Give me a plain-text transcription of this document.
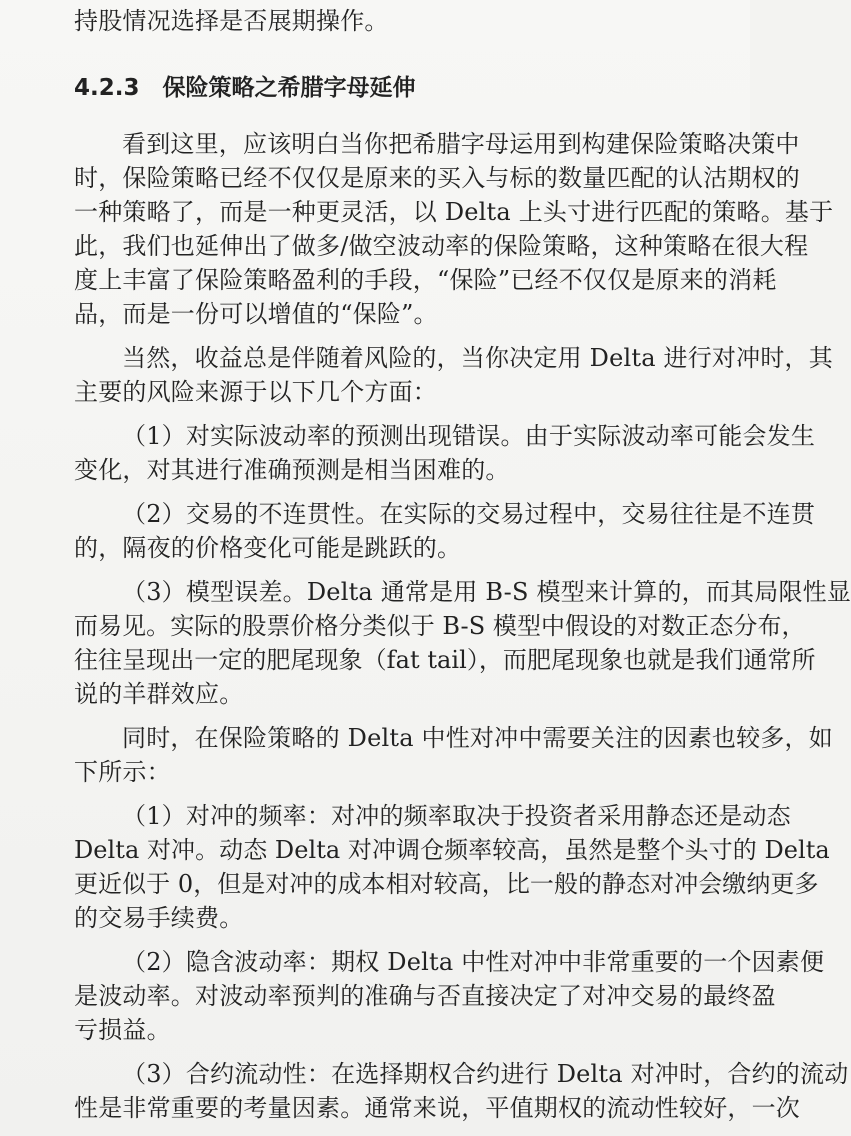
持股情况选择是否展期操作。
4.2.3　保险策略之希腊字母延伸
看到这里，应该明白当你把希腊字母运用到构建保险策略决策中
时，保险策略已经不仅仅是原来的买入与标的数量匹配的认沽期权的
一种策略了，而是一种更灵活，以 Delta 上头寸进行匹配的策略。基于
此，我们也延伸出了做多/做空波动率的保险策略，这种策略在很大程
度上丰富了保险策略盈利的手段，“保险”已经不仅仅是原来的消耗
品，而是一份可以增值的“保险”。
当然，收益总是伴随着风险的，当你决定用 Delta 进行对冲时，其
主要的风险来源于以下几个方面：
（1）对实际波动率的预测出现错误。由于实际波动率可能会发生
变化，对其进行准确预测是相当困难的。
（2）交易的不连贯性。在实际的交易过程中，交易往往是不连贯
的，隔夜的价格变化可能是跳跃的。
（3）模型误差。Delta 通常是用 B-S 模型来计算的，而其局限性显
而易见。实际的股票价格分类似于 B-S 模型中假设的对数正态分布，
往往呈现出一定的肥尾现象（fat tail），而肥尾现象也就是我们通常所
说的羊群效应。
同时，在保险策略的 Delta 中性对冲中需要关注的因素也较多，如
下所示：
（1）对冲的频率：对冲的频率取决于投资者采用静态还是动态
Delta 对冲。动态 Delta 对冲调仓频率较高，虽然是整个头寸的 Delta
更近似于 0，但是对冲的成本相对较高，比一般的静态对冲会缴纳更多
的交易手续费。
（2）隐含波动率：期权 Delta 中性对冲中非常重要的一个因素便
是波动率。对波动率预判的准确与否直接决定了对冲交易的最终盈
亏损益。
（3）合约流动性：在选择期权合约进行 Delta 对冲时，合约的流动
性是非常重要的考量因素。通常来说，平值期权的流动性较好，一次
